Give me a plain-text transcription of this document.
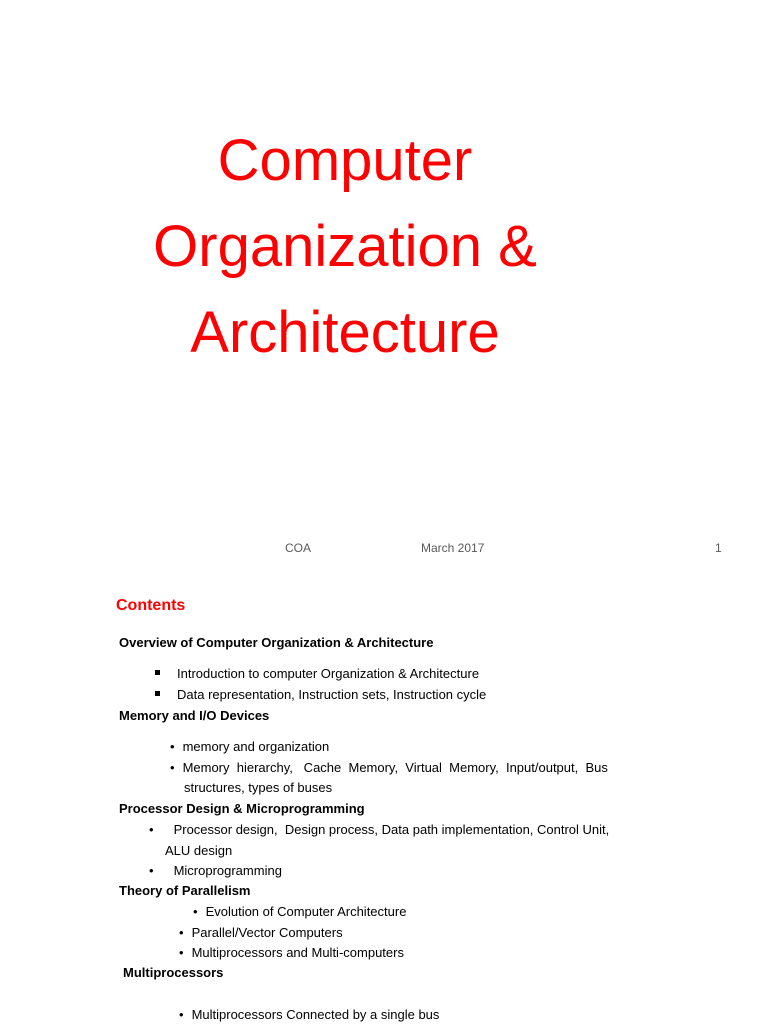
Computer
Organization &
Architecture
COA	March 2017	1
Contents
Overview of Computer Organization & Architecture
Introduction to computer Organization & Architecture
Data representation, Instruction sets, Instruction cycle
Memory and I/O Devices
• memory and organization
• Memory  hierarchy,   Cache  Memory,  Virtual  Memory,  Input/output,  Bus
structures, types of buses
Processor Design & Microprogramming
• Processor design,  Design process, Data path implementation, Control Unit,
ALU design
• Microprogramming
Theory of Parallelism
• Evolution of Computer Architecture
• Parallel/Vector Computers
• Multiprocessors and Multi-computers
Multiprocessors
• Multiprocessors Connected by a single bus
